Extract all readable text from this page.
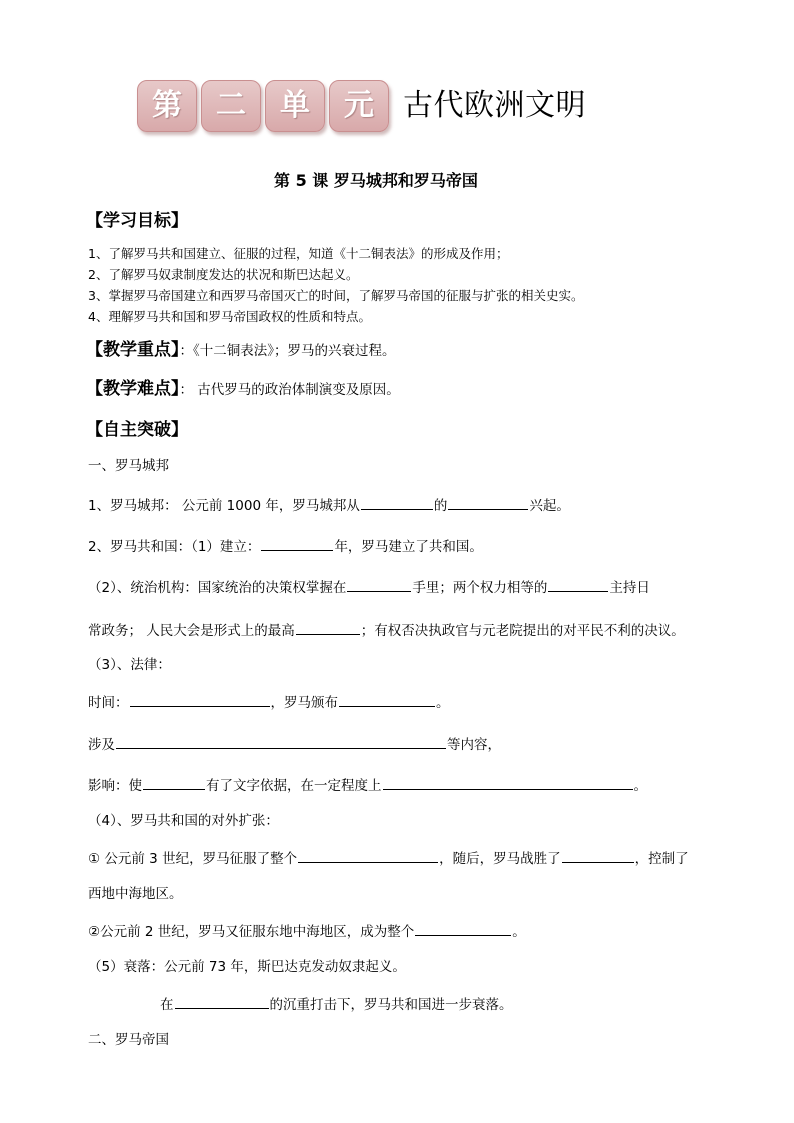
第	二	单	元 古代欧洲文明
第 5 课 罗马城邦和罗马帝国
【学习目标】
1、了解罗马共和国建立、征服的过程，知道《十二铜表法》的形成及作用；
2、了解罗马奴隶制度发达的状况和斯巴达起义。
3、掌握罗马帝国建立和西罗马帝国灭亡的时间，了解罗马帝国的征服与扩张的相关史实。
4、理解罗马共和国和罗马帝国政权的性质和特点。
【教学重点】：《十二铜表法》；罗马的兴衰过程。
【教学难点】： 古代罗马的政治体制演变及原因。
【自主突破】
一、罗马城邦
1、罗马城邦： 公元前 1000 年，罗马城邦从	的	兴起。
2、罗马共和国：（1）建立：	年，罗马建立了共和国。
（2）、统治机构：国家统治的决策权掌握在	手里；两个权力相等的	主持日
常政务； 人民大会是形式上的最高	；有权否决执政官与元老院提出的对平民不利的决议。
（3）、法律：
时间：	，罗马颁布	。
涉及	等内容，
影响：使	有了文字依据，在一定程度上	。
（4）、罗马共和国的对外扩张：
① 公元前 3 世纪，罗马征服了整个	，随后，罗马战胜了	，控制了
西地中海地区。
②公元前 2 世纪，罗马又征服东地中海地区，成为整个	。
（5）衰落：公元前 73 年，斯巴达克发动奴隶起义。
在	的沉重打击下，罗马共和国进一步衰落。
二、罗马帝国
